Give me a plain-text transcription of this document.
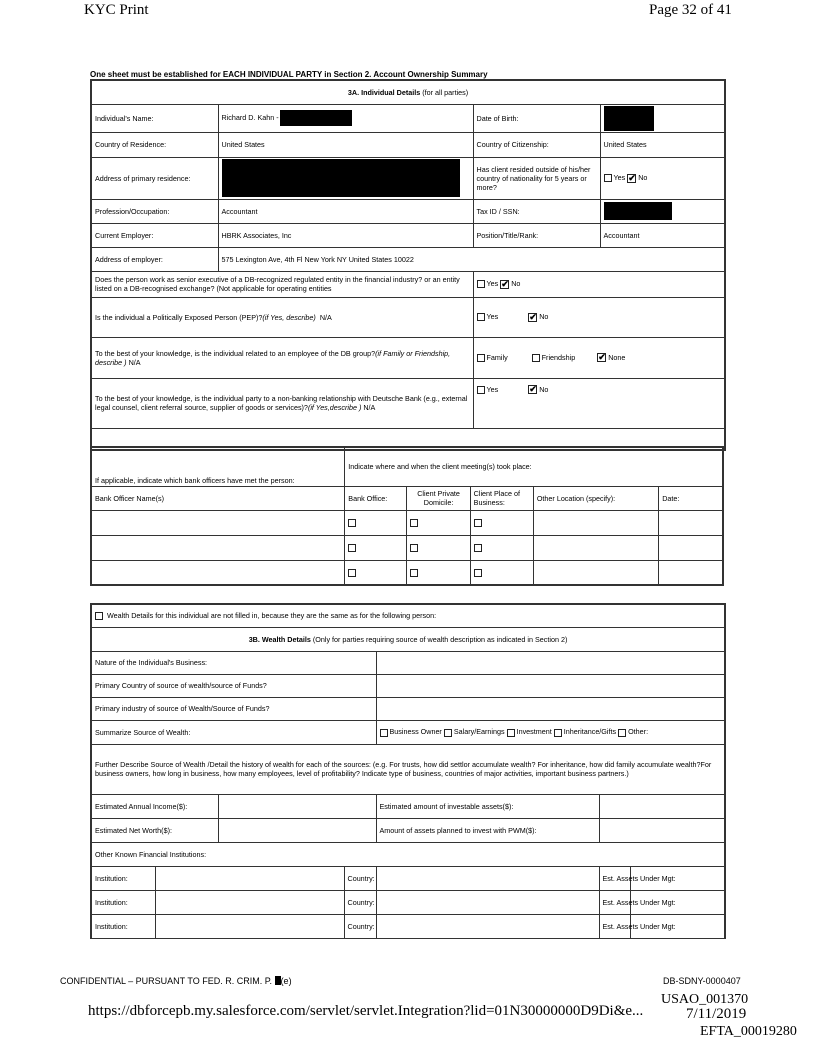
KYC Print	Page 32 of 41
One sheet must be established for EACH INDIVIDUAL PARTY in Section 2. Account Ownership Summary
3A. Individual Details (for all parties)			
Individual's Name:	Richard D. Kahn -	Date of Birth:	
Country of Residence:	United States	Country of Citizenship:	United States
Address of primary residence:		Has client resided outside of his/her country of nationality for 5 years or more?	Yes ✔ No
Profession/Occupation:	Accountant	Tax ID / SSN:	
Current Employer:	HBRK Associates, Inc	Position/Title/Rank:	Accountant
Address of employer:	575 Lexington Ave, 4th Fl New York NY United States 10022		
Does the person work as senior executive of a DB-recognized regulated entity in the financial industry? or an entity listed on a DB-recognised exchange? (Not applicable for operating entities		Yes ✔ No	
Is the individual a Politically Exposed Person (PEP)?(if Yes, describe) N/A		Yes ✔ No	
To the best of your knowledge, is the individual related to an employee of the DB group?(if Family or Friendship, describe ) N/A		Family Friendship ✔ None	
To the best of your knowledge, is the individual party to a non-banking relationship with Deutsche Bank (e.g., external legal counsel, client referral source, supplier of goods or services)?(if Yes,describe ) N/A		Yes ✔ No	

If applicable, indicate which bank officers have met the person:	Indicate where and when the client meeting(s) took place:				
Bank Officer Name(s)	Bank Office:	Client Private Domicile:	Client Place of Business:	Other Location (specify):	Date:

Wealth Details for this individual are not filled in, because they are the same as for the following person:						
3B. Wealth Details (Only for parties requiring source of wealth description as indicated in Section 2)						
Nature of the Individual's Business:						
Primary Country of source of wealth/source of Funds?						
Primary industry of source of Wealth/Source of Funds?						
Summarize Source of Wealth:				Business Owner Salary/Earnings Investment Inheritance/Gifts Other:		
Further Describe Source of Wealth /Detail the history of wealth for each of the sources: (e.g. For trusts, how did settlor accumulate wealth? For inheritance, how did family accumulate wealth?For business owners, how long in business, how many employees, level of profitability? Indicate type of business, countries of major activities, important business partners.)						
Estimated Annual Income($):				Estimated amount of investable assets($):		
Estimated Net Worth($):				Amount of assets planned to invest with PWM($):		
Other Known Financial Institutions:						
Institution:			Country:		Est. Assets Under Mgt:	
Institution:			Country:		Est. Assets Under Mgt:	
Institution:			Country:		Est. Assets Under Mgt:	
CONFIDENTIAL – PURSUANT TO FED. R. CRIM. P. (e)	DB-SDNY-0000407
USAO_001370
https://dbforcepb.my.salesforce.com/servlet/servlet.Integration?lid=01N30000000D9Di&e...	7/11/2019
EFTA_00019280
